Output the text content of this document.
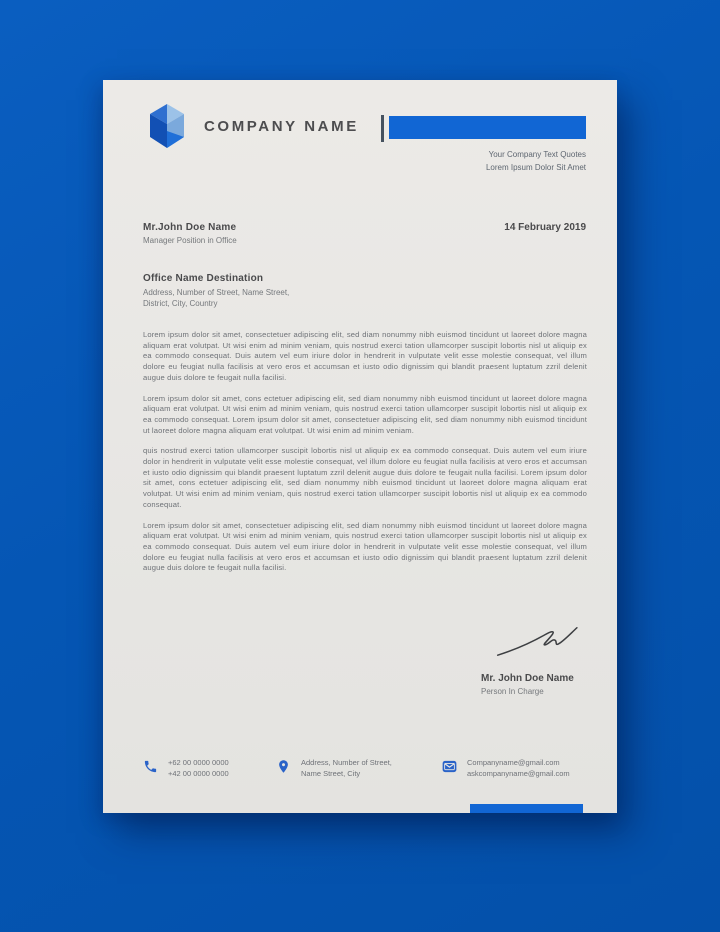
COMPANY NAME
Your Company Text Quotes
Lorem Ipsum Dolor Sit Amet
Mr.John Doe Name
Manager Position in Office
14 February 2019
Office Name Destination
Address, Number of Street, Name Street,
District, City, Country

Lorem ipsum dolor sit amet, consectetuer adipiscing elit, sed diam nonummy nibh euismod tincidunt ut laoreet dolore magna aliquam erat volutpat. Ut wisi enim ad minim veniam, quis nostrud exerci tation ullamcorper suscipit lobortis nisl ut aliquip ex ea commodo consequat. Duis autem vel eum iriure dolor in hendrerit in vulputate velit esse molestie consequat, vel illum dolore eu feugiat nulla facilisis at vero eros et accumsan et iusto odio dignissim qui blandit praesent luptatum zzril delenit augue duis dolore te feugait nulla facilisi.

Lorem ipsum dolor sit amet, cons ectetuer adipiscing elit, sed diam nonummy nibh euismod tincidunt ut laoreet dolore magna aliquam erat volutpat. Ut wisi enim ad minim veniam, quis nostrud exerci tation ullamcorper suscipit lobortis nisl ut aliquip ex ea commodo consequat. Lorem ipsum dolor sit amet, consectetuer adipiscing elit, sed diam nonummy nibh euismod tincidunt ut laoreet dolore magna aliquam erat volutpat. Ut wisi enim ad minim veniam.

quis nostrud exerci tation ullamcorper suscipit lobortis nisl ut aliquip ex ea commodo consequat. Duis autem vel eum iriure dolor in hendrerit in vulputate velit esse molestie consequat, vel illum dolore eu feugiat nulla facilisis at vero eros et accumsan et iusto odio dignissim qui blandit praesent luptatum zzril delenit augue duis dolore te feugait nulla facilisi. Lorem ipsum dolor sit amet, cons ectetuer adipiscing elit, sed diam nonummy nibh euismod tincidunt ut laoreet dolore magna aliquam erat volutpat. Ut wisi enim ad minim veniam, quis nostrud exerci tation ullamcorper suscipit lobortis nisl ut aliquip ex ea commodo consequat.

Lorem ipsum dolor sit amet, consectetuer adipiscing elit, sed diam nonummy nibh euismod tincidunt ut laoreet dolore magna aliquam erat volutpat. Ut wisi enim ad minim veniam, quis nostrud exerci tation ullamcorper suscipit lobortis nisl ut aliquip ex ea commodo consequat. Duis autem vel eum iriure dolor in hendrerit in vulputate velit esse molestie consequat, vel illum dolore eu feugiat nulla facilisis at vero eros et accumsan et iusto odio dignissim qui blandit praesent luptatum zzril delenit augue duis dolore te feugait nulla facilisi.

Mr. John Doe Name
Person In Charge
+62 00 0000 0000
+42 00 0000 0000
Address, Number of Street,
Name Street, City
Companyname@gmail.com
askcompanyname@gmail.com
